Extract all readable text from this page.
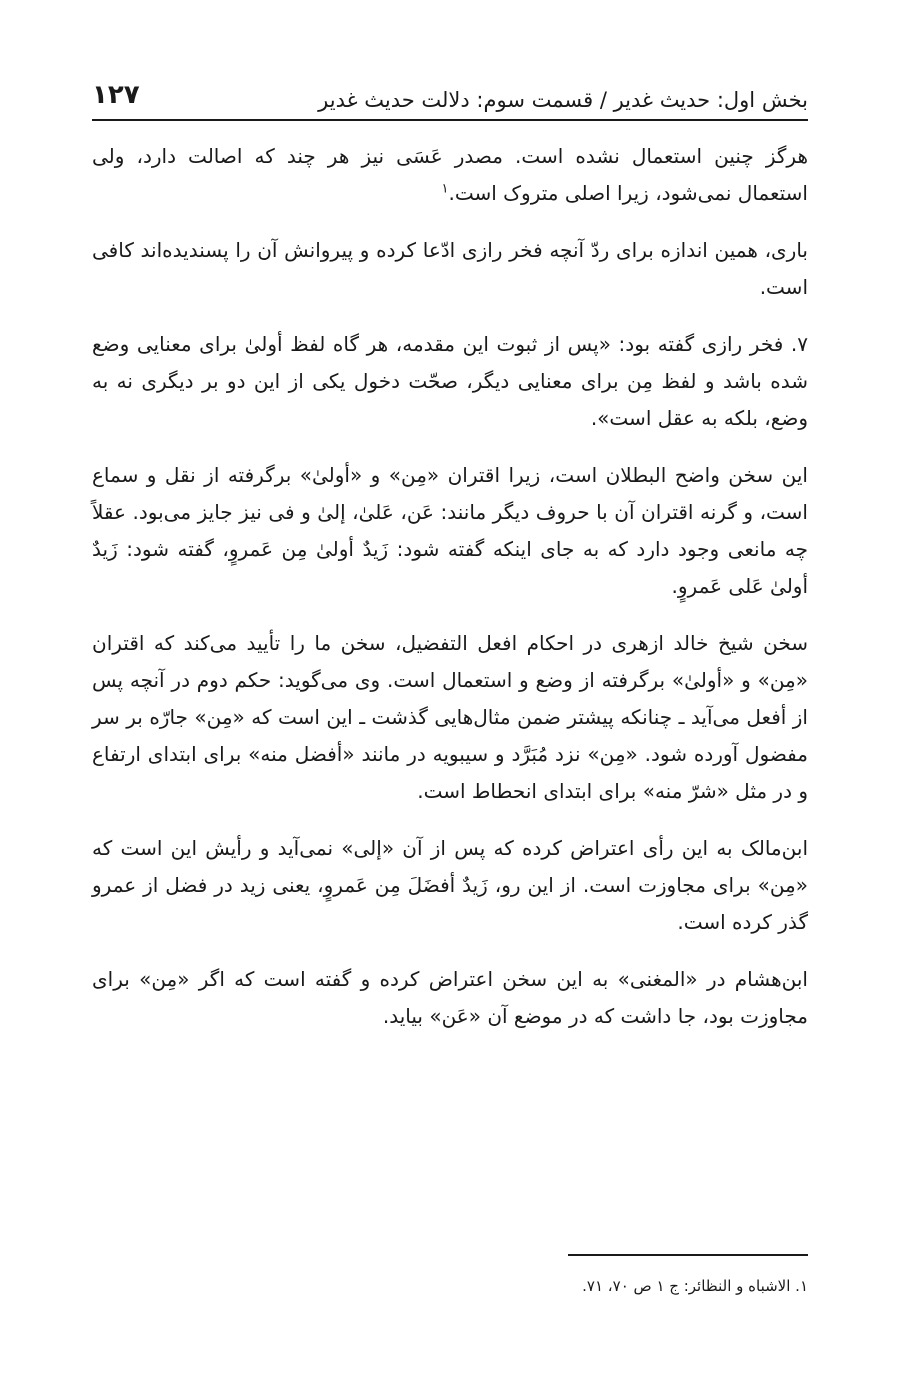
بخش اول: حدیث غدیر / قسمت سوم: دلالت حدیث غدیر
۱۲۷

هرگز چنین استعمال نشده است. مصدر عَسَی نیز هر چند که اصالت دارد، ولی استعمال نمی‌شود، زیرا اصلی متروک است.$^۱$

باری، همین اندازه برای ردّ آنچه فخر رازی ادّعا کرده و پیروانش آن را پسندیده‌اند کافی است.

۷. فخر رازی گفته بود: «پس از ثبوت این مقدمه، هر گاه لفظ أولیٰ برای معنایی وضع شده باشد و لفظ مِن برای معنایی دیگر، صحّت دخول یکی از این دو بر دیگری نه به وضع، بلکه به عقل است».

این سخن واضح البطلان است، زیرا اقتران «مِن» و «أولیٰ» برگرفته از نقل و سماع است، و گرنه اقتران آن با حروف دیگر مانند: عَن، عَلیٰ، إلیٰ و فی نیز جایز می‌بود. عقلاً چه مانعی وجود دارد که به جای اینکه گفته شود: زَیدٌ أولیٰ مِن عَمروٍ، گفته شود: زَیدٌ أولیٰ عَلی عَمروٍ.

سخن شیخ خالد ازهری در احکام افعل التفضیل، سخن ما را تأیید می‌کند که اقتران «مِن» و «أولیٰ» برگرفته از وضع و استعمال است. وی می‌گوید: حکم دوم در آنچه پس از أفعل می‌آید ـ چنانکه پیشتر ضمن مثال‌هایی گذشت ـ این است که «مِن» جارّه بر سر مفضول آورده شود. «مِن» نزد مُبَرَّد و سیبویه در مانند «أفضل منه» برای ابتدای ارتفاع و در مثل «شرّ منه» برای ابتدای انحطاط است.

ابن‌مالک به این رأی اعتراض کرده که پس از آن «إلی» نمی‌آید و رأیش این است که «مِن» برای مجاوزت است. از این رو، زَیدٌ أفضَلَ مِن عَمروٍ، یعنی زید در فضل از عمرو گذر کرده است.

ابن‌هشام در «المغنی» به این سخن اعتراض کرده و گفته است که اگر «مِن» برای مجاوزت بود، جا داشت که در موضع آن «عَن» بیاید.

۱. الاشباه و النظائر: ج ۱ ص ۷۰، ۷۱.
